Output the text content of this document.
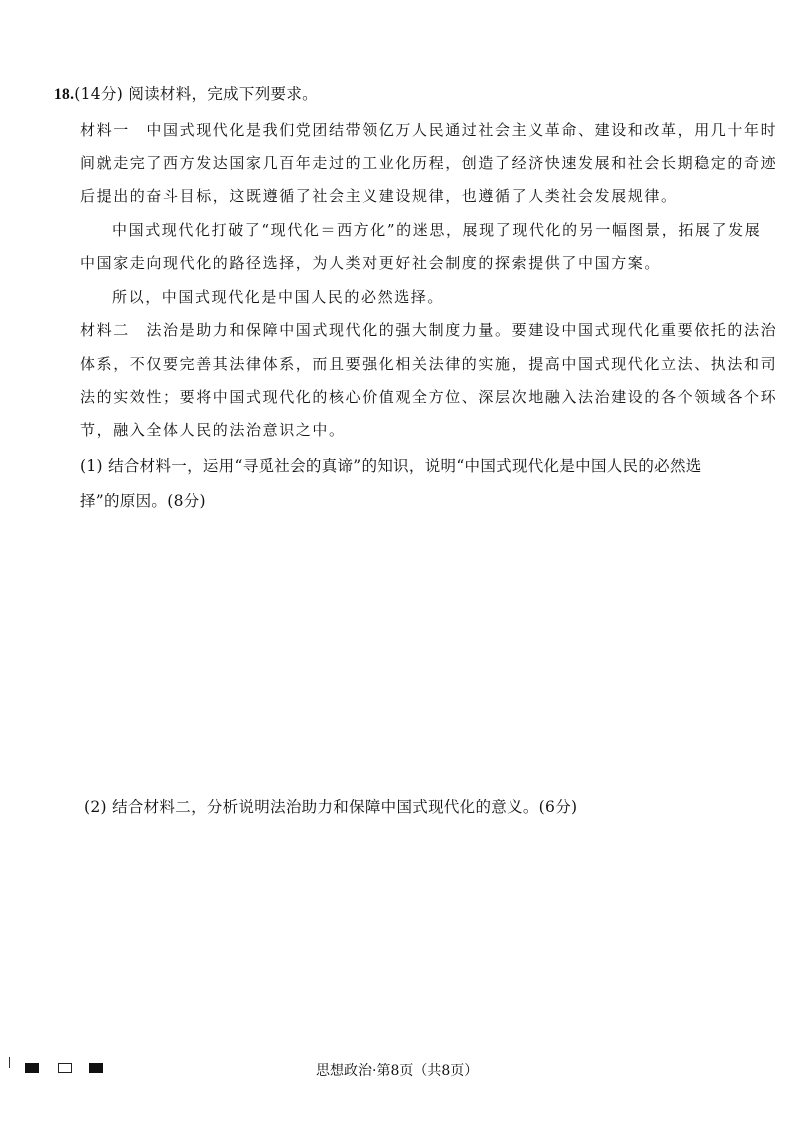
18.(14分) 阅读材料，完成下列要求。
材料一　中国式现代化是我们党团结带领亿万人民通过社会主义革命、建设和改革，用几十年时
间就走完了西方发达国家几百年走过的工业化历程，创造了经济快速发展和社会长期稳定的奇迹
后提出的奋斗目标，这既遵循了社会主义建设规律，也遵循了人类社会发展规律。
中国式现代化打破了“现代化＝西方化”的迷思，展现了现代化的另一幅图景，拓展了发展
中国家走向现代化的路径选择，为人类对更好社会制度的探索提供了中国方案。
所以，中国式现代化是中国人民的必然选择。
材料二　法治是助力和保障中国式现代化的强大制度力量。要建设中国式现代化重要依托的法治
体系，不仅要完善其法律体系，而且要强化相关法律的实施，提高中国式现代化立法、执法和司
法的实效性；要将中国式现代化的核心价值观全方位、深层次地融入法治建设的各个领域各个环
节，融入全体人民的法治意识之中。
(1) 结合材料一，运用“寻觅社会的真谛”的知识，说明“中国式现代化是中国人民的必然选
择”的原因。(8分)
(2) 结合材料二，分析说明法治助力和保障中国式现代化的意义。(6分)
思想政治·第8页（共8页）
